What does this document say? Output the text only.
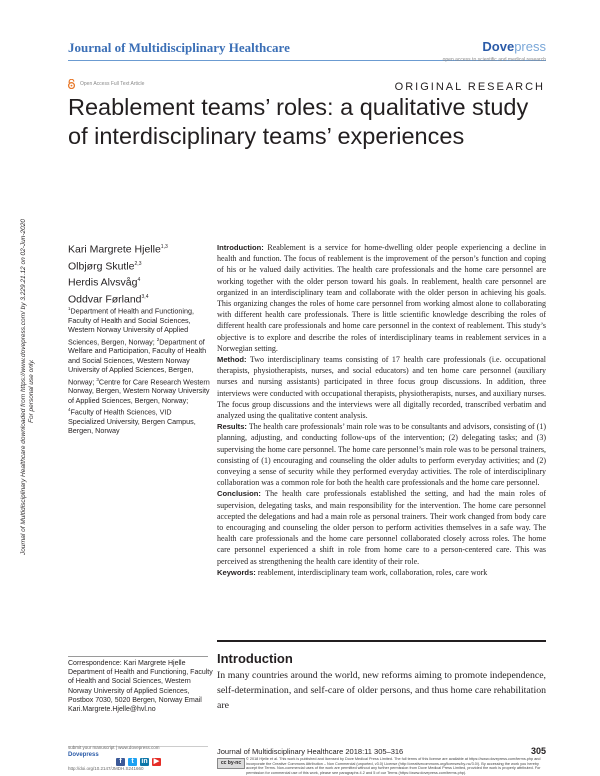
Journal of Multidisciplinary Healthcare	Dovepress
open access to scientific and medical research
Open Access Full Text Article	ORIGINAL RESEARCH
Reablement teams’ roles: a qualitative study
of interdisciplinary teams’ experiences
Journal of Multidisciplinary Healthcare downloaded from https://www.dovepress.com/ by 3.229.21.12 on 02-Jun-2020 For personal use only.
Kari Margrete Hjelle$^{1,3}$
Olbjørg Skutle$^{2,3}$
Herdis Alvsvåg$^4$
Oddvar Førland$^{3,4}$
$^1$Department of Health and Functioning, Faculty of Health and Social Sciences, Western Norway University of Applied Sciences, Bergen, Norway; $^2$Department of Welfare and Participation, Faculty of Health and Social Sciences, Western Norway University of Applied Sciences, Bergen, Norway; $^3$Centre for Care Research Western Norway, Bergen, Western Norway University of Applied Sciences, Bergen, Norway; $^4$Faculty of Health Sciences, VID Specialized University, Bergen Campus, Bergen, Norway
Correspondence: Kari Margrete Hjelle Department of Health and Functioning, Faculty of Health and Social Sciences, Western Norway University of Applied Sciences, Postbox 7030, 5020 Bergen, Norway Email Kari.Margrete.Hjelle@hvl.no

Introduction: Reablement is a service for home-dwelling older people experiencing a decline in health and function. The focus of reablement is the improvement of the person’s function and coping of his or he valued daily activities. The health care professionals and the home care personnel are working together with the older person toward his goals. In reablement, health care personnel are organized in an interdisciplinary team and collaborate with the older person in achieving his goals. This organizing changes the roles of home care personnel from working almost alone to collaborating with different health care professionals. There is little scientific knowledge describing the roles of different health care professionals and home care personnel in the context of reablement. This study’s objective is to explore and describe the roles of interdisciplinary teams in reablement services in a Norwegian setting.

Method: Two interdisciplinary teams consisting of 17 health care professionals (i.e. occupational therapists, physiotherapists, nurses, and social educators) and ten home care personnel (auxiliary nurses and nursing assistants) participated in three focus group discussions. In addition, three interviews were conducted with occupational therapists, physiotherapists, nurses, and auxiliary nurses. The focus group discussions and the interviews were all digitally recorded, transcribed verbatim and analyzed using the qualitative content analysis.

Results: The health care professionals’ main role was to be consultants and advisors, consisting of (1) planning, adjusting, and conducting follow-ups of the intervention; (2) delegating tasks; and (3) supervising the home care personnel. The home care personnel’s main role was to be personal trainers, consisting of (1) encouraging and counseling the older adults to perform everyday activities; and (2) conveying a sense of security while they performed everyday activities. The role of interdisciplinary collaboration was a common role for both the health care professionals and the home care personnel.

Conclusion: The health care professionals established the setting, and had the main roles of supervision, delegating tasks, and main responsibility for the intervention. The home care personnel accepted the delegations and had a main role as personal trainers. Their work changed from body care to encouraging and counseling the older person to perform activities themselves in a safe way. The health care professionals and the home care personnel collaborated closely across roles. The home care personnel experienced a shift in role from home care to a person-centered care. This was perceived as strengthening the health care identity of their role.

Keywords: reablement, interdisciplinary team work, collaboration, roles, care work

Introduction
In many countries around the world, new reforms aiming to promote independence, self-determination, and self-care of older persons, and thus home care rehabilitation are
submit your manuscript | www.dovepress.com
Dovepress
f t in ▶
http://doi.org/10.2147/JMDH.S241660
Journal of Multidisciplinary Healthcare 2018:11 305–316	305
cc by-nc
© 2018 Hjelle et al. This work is published and licensed by Dove Medical Press Limited. The full terms of this license are available at https://www.dovepress.com/terms.php and incorporate the Creative Commons Attribution – Non Commercial (unported, v3.0) License (http://creativecommons.org/licenses/by-nc/3.0/). By accessing the work you hereby accept the Terms. Non-commercial uses of the work are permitted without any further permission from Dove Medical Press Limited, provided the work is properly attributed. For permission for commercial use of this work, please see paragraphs 4.2 and 5 of our Terms (https://www.dovepress.com/terms.php).
